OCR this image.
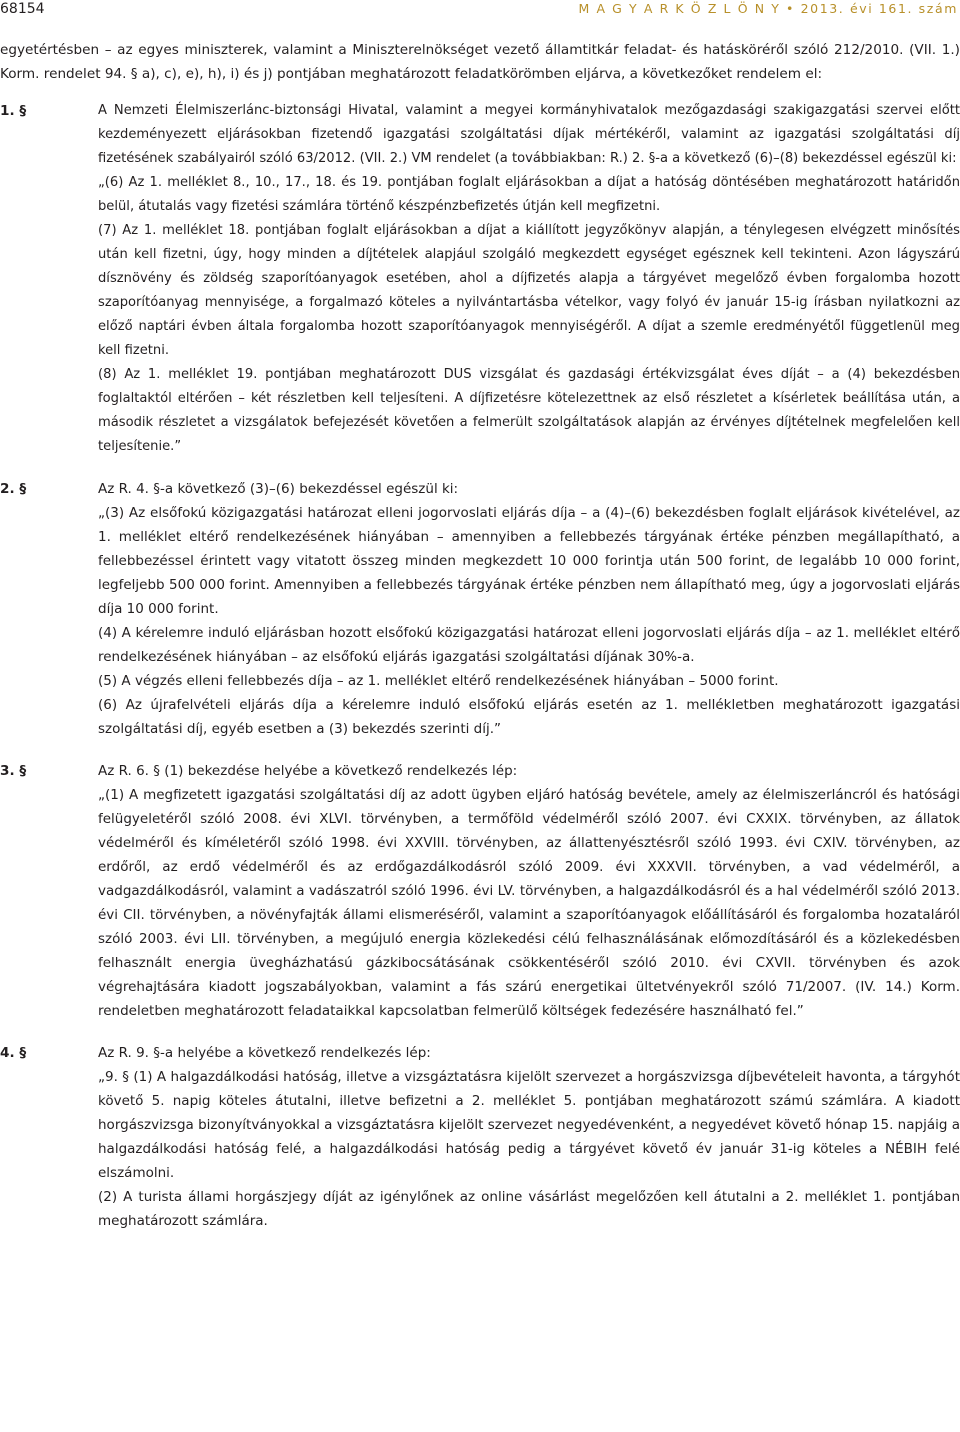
68154	M A G Y A R K Ö Z L Ö N Y • 2013. évi 161. szám

egyetértésben – az egyes miniszterek, valamint a Miniszterelnökséget vezető államtitkár feladat- és hatásköréről szóló 212/2010. (VII. 1.) Korm. rendelet 94. § a), c), e), h), i) és j) pontjában meghatározott feladatkörömben eljárva, a következőket rendelem el:

1. §	A Nemzeti Élelmiszerlánc-biztonsági Hivatal, valamint a megyei kormányhivatalok mezőgazdasági szakigazgatási szervei előtt kezdeményezett eljárásokban fizetendő igazgatási szolgáltatási díjak mértékéről, valamint az igazgatási szolgáltatási díj fizetésének szabályairól szóló 63/2012. (VII. 2.) VM rendelet (a továbbiakban: R.) 2. §-a a következő (6)–(8) bekezdéssel egészül ki:

„(6) Az 1. melléklet 8., 10., 17., 18. és 19. pontjában foglalt eljárásokban a díjat a hatóság döntésében meghatározott határidőn belül, átutalás vagy fizetési számlára történő készpénzbefizetés útján kell megfizetni.

(7) Az 1. melléklet 18. pontjában foglalt eljárásokban a díjat a kiállított jegyzőkönyv alapján, a ténylegesen elvégzett minősítés után kell fizetni, úgy, hogy minden a díjtételek alapjául szolgáló megkezdett egységet egésznek kell tekinteni. Azon lágyszárú dísznövény és zöldség szaporítóanyagok esetében, ahol a díjfizetés alapja a tárgyévet megelőző évben forgalomba hozott szaporítóanyag mennyisége, a forgalmazó köteles a nyilvántartásba vételkor, vagy folyó év január 15-ig írásban nyilatkozni az előző naptári évben általa forgalomba hozott szaporítóanyagok mennyiségéről. A díjat a szemle eredményétől függetlenül meg kell fizetni.

(8) Az 1. melléklet 19. pontjában meghatározott DUS vizsgálat és gazdasági értékvizsgálat éves díját – a (4) bekezdésben foglaltaktól eltérően – két részletben kell teljesíteni. A díjfizetésre kötelezettnek az első részletet a kísérletek beállítása után, a második részletet a vizsgálatok befejezését követően a felmerült szolgáltatások alapján az érvényes díjtételnek megfelelően kell teljesítenie.”

2. §	Az R. 4. §-a következő (3)–(6) bekezdéssel egészül ki:

„(3) Az elsőfokú közigazgatási határozat elleni jogorvoslati eljárás díja – a (4)–(6) bekezdésben foglalt eljárások kivételével, az 1. melléklet eltérő rendelkezésének hiányában – amennyiben a fellebbezés tárgyának értéke pénzben megállapítható, a fellebbezéssel érintett vagy vitatott összeg minden megkezdett 10 000 forintja után 500 forint, de legalább 10 000 forint, legfeljebb 500 000 forint. Amennyiben a fellebbezés tárgyának értéke pénzben nem állapítható meg, úgy a jogorvoslati eljárás díja 10 000 forint.

(4) A kérelemre induló eljárásban hozott elsőfokú közigazgatási határozat elleni jogorvoslati eljárás díja – az 1. melléklet eltérő rendelkezésének hiányában – az elsőfokú eljárás igazgatási szolgáltatási díjának 30%-a.

(5) A végzés elleni fellebbezés díja – az 1. melléklet eltérő rendelkezésének hiányában – 5000 forint.

(6) Az újrafelvételi eljárás díja a kérelemre induló elsőfokú eljárás esetén az 1. mellékletben meghatározott igazgatási szolgáltatási díj, egyéb esetben a (3) bekezdés szerinti díj.”

3. §	Az R. 6. § (1) bekezdése helyébe a következő rendelkezés lép:

„(1) A megfizetett igazgatási szolgáltatási díj az adott ügyben eljáró hatóság bevétele, amely az élelmiszerláncról és hatósági felügyeletéről szóló 2008. évi XLVI. törvényben, a termőföld védelméről szóló 2007. évi CXXIX. törvényben, az állatok védelméről és kíméletéről szóló 1998. évi XXVIII. törvényben, az állattenyésztésről szóló 1993. évi CXIV. törvényben, az erdőről, az erdő védelméről és az erdőgazdálkodásról szóló 2009. évi XXXVII. törvényben, a vad védelméről, a vadgazdálkodásról, valamint a vadászatról szóló 1996. évi LV. törvényben, a halgazdálkodásról és a hal védelméről szóló 2013. évi CII. törvényben, a növényfajták állami elismeréséről, valamint a szaporítóanyagok előállításáról és forgalomba hozataláról szóló 2003. évi LII. törvényben, a megújuló energia közlekedési célú felhasználásának előmozdításáról és a közlekedésben felhasznált energia üvegházhatású gázkibocsátásának csökkentéséről szóló 2010. évi CXVII. törvényben és azok végrehajtására kiadott jogszabályokban, valamint a fás szárú energetikai ültetvényekről szóló 71/2007. (IV. 14.) Korm. rendeletben meghatározott feladataikkal kapcsolatban felmerülő költségek fedezésére használható fel.”

4. §	Az R. 9. §-a helyébe a következő rendelkezés lép:

„9. § (1) A halgazdálkodási hatóság, illetve a vizsgáztatásra kijelölt szervezet a horgászvizsga díjbevételeit havonta, a tárgyhót követő 5. napig köteles átutalni, illetve befizetni a 2. melléklet 5. pontjában meghatározott számú számlára. A kiadott horgászvizsga bizonyítványokkal a vizsgáztatásra kijelölt szervezet negyedévenként, a negyedévet követő hónap 15. napjáig a halgazdálkodási hatóság felé, a halgazdálkodási hatóság pedig a tárgyévet követő év január 31-ig köteles a NÉBIH felé elszámolni.

(2) A turista állami horgászjegy díját az igénylőnek az online vásárlást megelőzően kell átutalni a 2. melléklet 1. pontjában meghatározott számlára.
